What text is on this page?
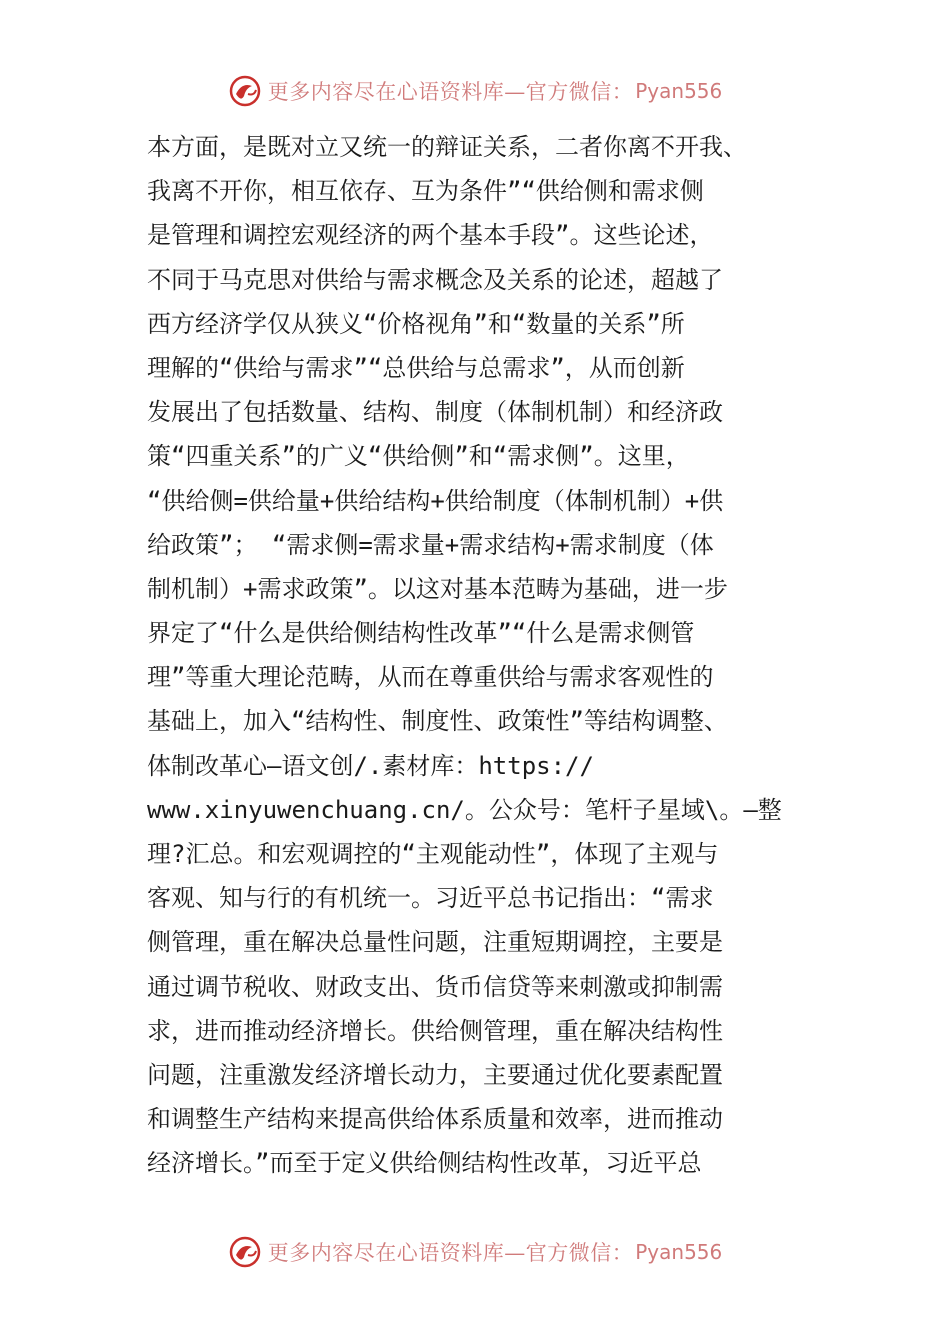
更多内容尽在心语资料库—官方微信： Pyan556
本方面，是既对立又统一的辩证关系，二者你离不开我、
我离不开你，相互依存、互为条件”“供给侧和需求侧
是管理和调控宏观经济的两个基本手段”。这些论述，
不同于马克思对供给与需求概念及关系的论述，超越了
西方经济学仅从狭义“价格视角”和“数量的关系”所
理解的“供给与需求”“总供给与总需求”，从而创新
发展出了包括数量、结构、制度（体制机制）和经济政
策“四重关系”的广义“供给侧”和“需求侧”。这里，
“供给侧=供给量+供给结构+供给制度（体制机制）+供
给政策”； “需求侧=需求量+需求结构+需求制度（体
制机制）+需求政策”。以这对基本范畴为基础，进一步
界定了“什么是供给侧结构性改革”“什么是需求侧管
理”等重大理论范畴，从而在尊重供给与需求客观性的
基础上，加入“结构性、制度性、政策性”等结构调整、
体制改革心—语文创/.素材库：https://
www.xinyuwenchuang.cn/。公众号：笔杆子星域\。—整
理?汇总。和宏观调控的“主观能动性”，体现了主观与
客观、知与行的有机统一。习近平总书记指出：“需求
侧管理，重在解决总量性问题，注重短期调控，主要是
通过调节税收、财政支出、货币信贷等来刺激或抑制需
求，进而推动经济增长。供给侧管理，重在解决结构性
问题，注重激发经济增长动力，主要通过优化要素配置
和调整生产结构来提高供给体系质量和效率，进而推动
经济增长。”而至于定义供给侧结构性改革，习近平总
更多内容尽在心语资料库—官方微信： Pyan556
